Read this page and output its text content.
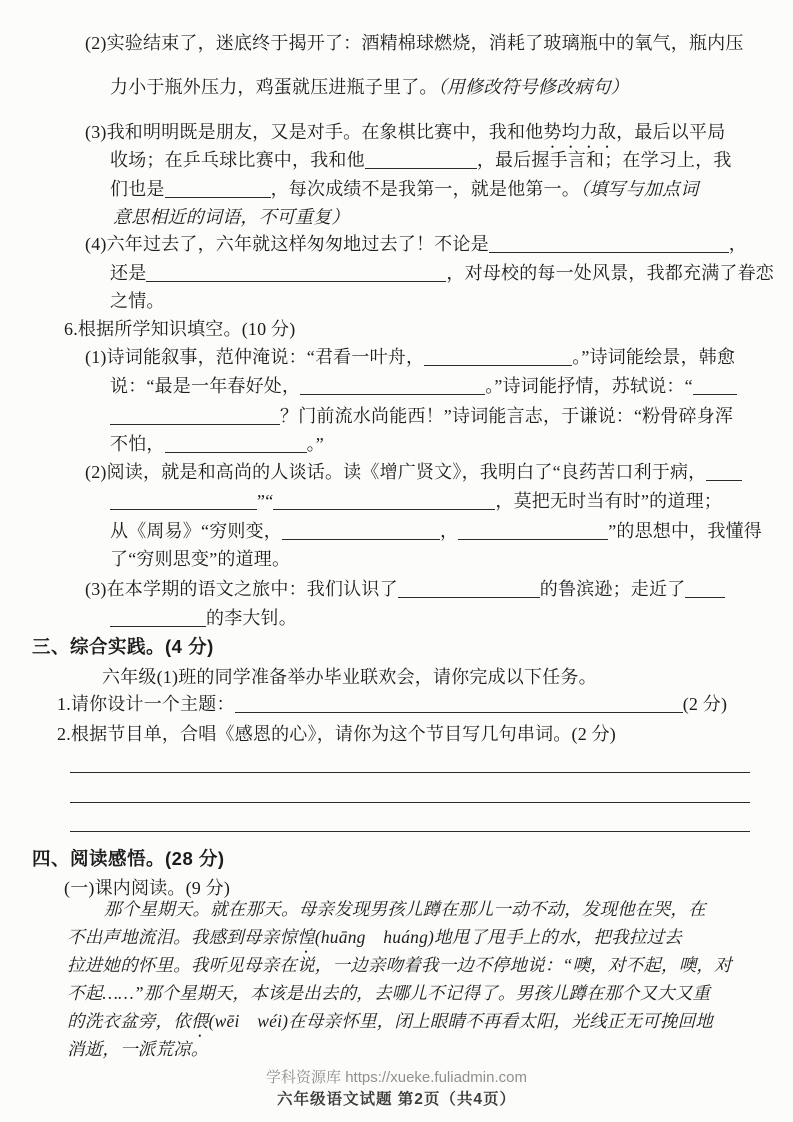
(2)实验结束了，迷底终于揭开了：酒精棉球燃烧，消耗了玻璃瓶中的氧气，瓶内压
力小于瓶外压力，鸡蛋就压进瓶子里了。（用修改符号修改病句）
(3)我和明明既是朋友，又是对手。在象棋比赛中，我和他势均力敌，最后以平局
收场；在乒乓球比赛中，我和他	，最后握手言和；在学习上，我
们也是	，每次成绩不是我第一，就是他第一。（填写与加点词
意思相近的词语，不可重复）
(4)六年过去了，六年就这样匆匆地过去了！不论是	，
还是	，对母校的每一处风景，我都充满了眷恋
之情。
6.根据所学知识填空。(10 分)
(1)诗词能叙事，范仲淹说：“君看一叶舟，	。”诗词能绘景，韩愈
说：“最是一年春好处，	。”诗词能抒情，苏轼说：“
？门前流水尚能西！”诗词能言志，于谦说：“粉骨碎身浑
不怕，	。”
(2)阅读，就是和高尚的人谈话。读《增广贤文》，我明白了“良药苦口利于病，
”“	，莫把无时当有时”的道理；
从《周易》“穷则变，	，	”的思想中，我懂得
了“穷则思变”的道理。
(3)在本学期的语文之旅中：我们认识了	的鲁滨逊；走近了
的李大钊。
三、综合实践。(4 分)
六年级(1)班的同学准备举办毕业联欢会，请你完成以下任务。
1.请你设计一个主题：	(2 分)
2.根据节目单，合唱《感恩的心》，请你为这个节目写几句串词。(2 分)
四、阅读感悟。(28 分)
(一)课内阅读。(9 分)
那个星期天。就在那天。母亲发现男孩儿蹲在那儿一动不动，发现他在哭，在
不出声地流泪。我感到母亲惊惶(huāng　huáng)地甩了甩手上的水，把我拉过去
拉进她的怀里。我听见母亲在说，一边亲吻着我一边不停地说：“噢，对不起，噢，对
不起……”那个星期天，本该是出去的，去哪儿不记得了。男孩儿蹲在那个又大又重
的洗衣盆旁，依偎(wēi　wéi)在母亲怀里，闭上眼睛不再看太阳，光线正无可挽回地
消逝，一派荒凉。
学科资源库 https://xueke.fuliadmin.com
六年级语文试题 第2页（共4页）
